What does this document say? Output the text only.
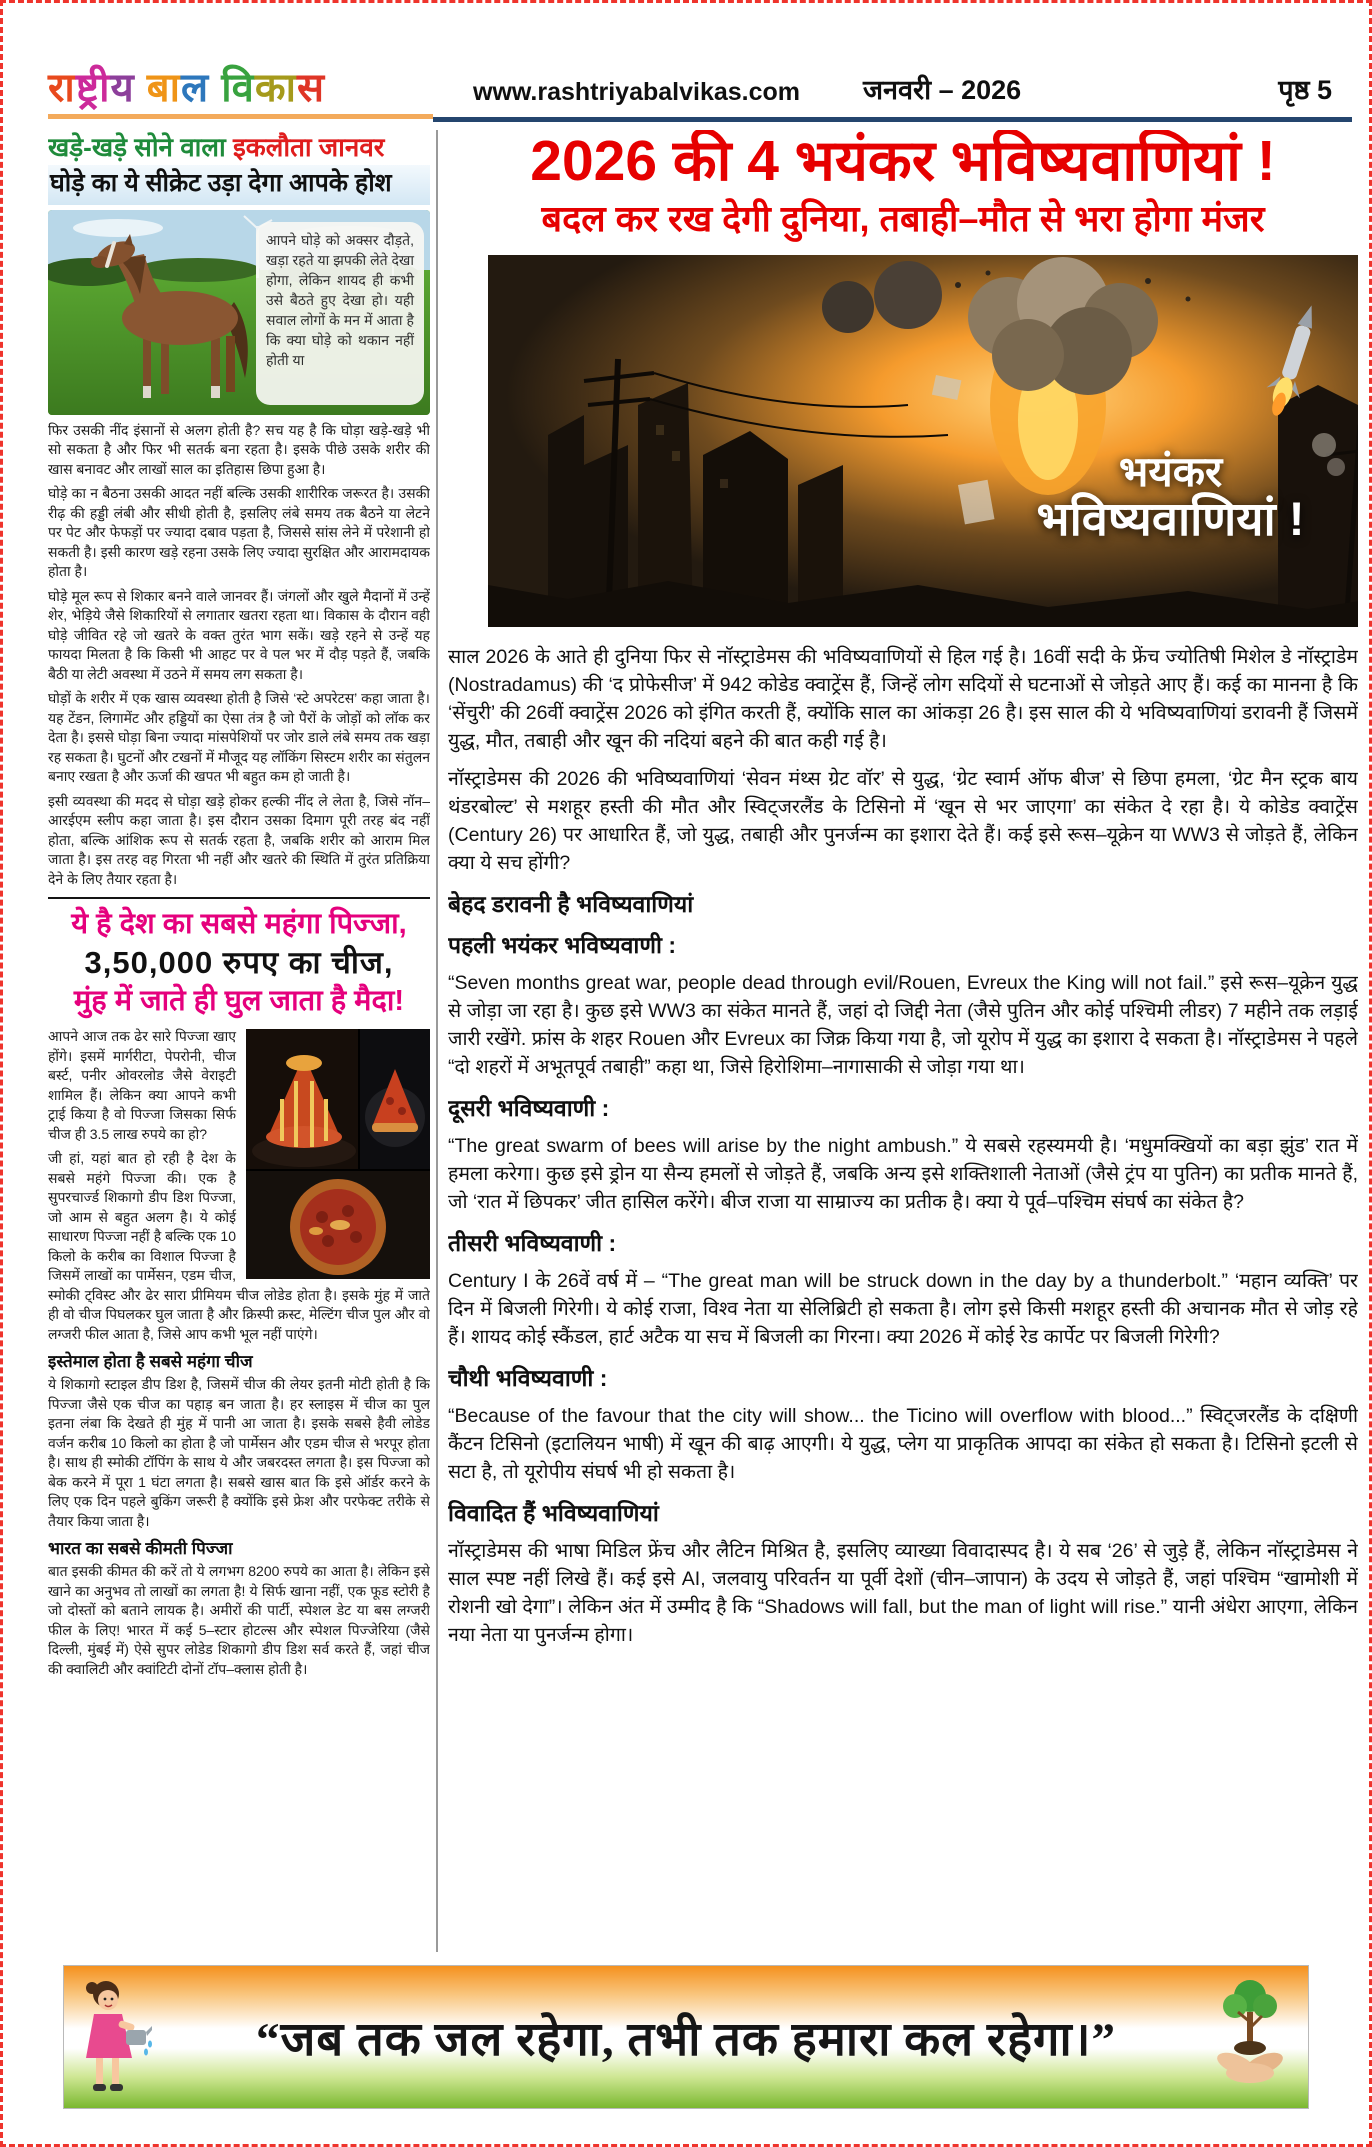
राष्ट्रीय बाल विकास	www.rashtriyabalvikas.com जनवरी – 2026	पृष्ठ 5
खड़े-खड़े सोने वाला इकलौता जानवर
घोड़े का ये सीक्रेट उड़ा देगा आपके होश
आपने घोड़े को अक्सर दौड़ते, खड़ा रहते या झपकी लेते देखा होगा, लेकिन शायद ही कभी उसे बैठते हुए देखा हो। यही सवाल लोगों के मन में आता है कि क्या घोड़े को थकान नहीं होती या

फिर उसकी नींद इंसानों से अलग होती है? सच यह है कि घोड़ा खड़े-खड़े भी सो सकता है और फिर भी सतर्क बना रहता है। इसके पीछे उसके शरीर की खास बनावट और लाखों साल का इतिहास छिपा हुआ है।

घोड़े का न बैठना उसकी आदत नहीं बल्कि उसकी शारीरिक जरूरत है। उसकी रीढ़ की हड्डी लंबी और सीधी होती है, इसलिए लंबे समय तक बैठने या लेटने पर पेट और फेफड़ों पर ज्यादा दबाव पड़ता है, जिससे सांस लेने में परेशानी हो सकती है। इसी कारण खड़े रहना उसके लिए ज्यादा सुरक्षित और आरामदायक होता है।

घोड़े मूल रूप से शिकार बनने वाले जानवर हैं। जंगलों और खुले मैदानों में उन्हें शेर, भेड़िये जैसे शिकारियों से लगातार खतरा रहता था। विकास के दौरान वही घोड़े जीवित रहे जो खतरे के वक्त तुरंत भाग सकें। खड़े रहने से उन्हें यह फायदा मिलता है कि किसी भी आहट पर वे पल भर में दौड़ पड़ते हैं, जबकि बैठी या लेटी अवस्था में उठने में समय लग सकता है।

घोड़ों के शरीर में एक खास व्यवस्था होती है जिसे ‘स्टे अपरेटस’ कहा जाता है। यह टेंडन, लिगामेंट और हड्डियों का ऐसा तंत्र है जो पैरों के जोड़ों को लॉक कर देता है। इससे घोड़ा बिना ज्यादा मांसपेशियों पर जोर डाले लंबे समय तक खड़ा रह सकता है। घुटनों और टखनों में मौजूद यह लॉकिंग सिस्टम शरीर का संतुलन बनाए रखता है और ऊर्जा की खपत भी बहुत कम हो जाती है।

इसी व्यवस्था की मदद से घोड़ा खड़े होकर हल्की नींद ले लेता है, जिसे नॉन–आरईएम स्लीप कहा जाता है। इस दौरान उसका दिमाग पूरी तरह बंद नहीं होता, बल्कि आंशिक रूप से सतर्क रहता है, जबकि शरीर को आराम मिल जाता है। इस तरह वह गिरता भी नहीं और खतरे की स्थिति में तुरंत प्रतिक्रिया देने के लिए तैयार रहता है।

ये है देश का सबसे महंगा पिज्जा,
3,50,000 रुपए का चीज,
मुंह में जाते ही घुल जाता है मैदा!

आपने आज तक ढेर सारे पिज्जा खाए होंगे। इसमें मार्गरीटा, पेपरोनी, चीज बर्स्ट, पनीर ओवरलोड जैसे वेराइटी शामिल हैं। लेकिन क्या आपने कभी ट्राई किया है वो पिज्जा जिसका सिर्फ चीज ही 3.5 लाख रुपये का हो?

जी हां, यहां बात हो रही है देश के सबसे महंगे पिज्जा की। एक है सुपरचार्ज्ड शिकागो डीप डिश पिज्जा, जो आम से बहुत अलग है। ये कोई साधारण पिज्जा नहीं है बल्कि एक 10 किलो के करीब का विशाल पिज्जा है जिसमें लाखों का पार्मेसन, एडम चीज, स्मोकी ट्विस्ट और ढेर सारा प्रीमियम चीज लोडेड होता है। इसके मुंह में जाते ही वो चीज पिघलकर घुल जाता है और क्रिस्पी क्रस्ट, मेल्टिंग चीज पुल और वो लग्जरी फील आता है, जिसे आप कभी भूल नहीं पाएंगे।

इस्तेमाल होता है सबसे महंगा चीज

ये शिकागो स्टाइल डीप डिश है, जिसमें चीज की लेयर इतनी मोटी होती है कि पिज्जा जैसे एक चीज का पहाड़ बन जाता है। हर स्लाइस में चीज का पुल इतना लंबा कि देखते ही मुंह में पानी आ जाता है। इसके सबसे हैवी लोडेड वर्जन करीब 10 किलो का होता है जो पार्मेसन और एडम चीज से भरपूर होता है। साथ ही स्मोकी टॉपिंग के साथ ये और जबरदस्त लगता है। इस पिज्जा को बेक करने में पूरा 1 घंटा लगता है। सबसे खास बात कि इसे ऑर्डर करने के लिए एक दिन पहले बुकिंग जरूरी है क्योंकि इसे फ्रेश और परफेक्ट तरीके से तैयार किया जाता है।

भारत का सबसे कीमती पिज्जा

बात इसकी कीमत की करें तो ये लगभग 8200 रुपये का आता है। लेकिन इसे खाने का अनुभव तो लाखों का लगता है! ये सिर्फ खाना नहीं, एक फूड स्टोरी है जो दोस्तों को बताने लायक है। अमीरों की पार्टी, स्पेशल डेट या बस लग्जरी फील के लिए! भारत में कई 5–स्टार होटल्स और स्पेशल पिज्जेरिया (जैसे दिल्ली, मुंबई में) ऐसे सुपर लोडेड शिकागो डीप डिश सर्व करते हैं, जहां चीज की क्वालिटी और क्वांटिटी दोनों टॉप–क्लास होती है।

2026 की 4 भयंकर भविष्यवाणियां !
बदल कर रख देगी दुनिया, तबाही–मौत से भरा होगा मंजर
भयंकर
भविष्यवाणियां !

साल 2026 के आते ही दुनिया फिर से नॉस्ट्राडेमस की भविष्यवाणियों से हिल गई है। 16वीं सदी के फ्रेंच ज्योतिषी मिशेल डे नॉस्ट्राडेम (Nostradamus) की ‘द प्रोफेसीज’ में 942 कोडेड क्वाट्रेंस हैं, जिन्हें लोग सदियों से घटनाओं से जोड़ते आए हैं। कई का मानना है कि ‘सेंचुरी’ की 26वीं क्वाट्रेंस 2026 को इंगित करती हैं, क्योंकि साल का आंकड़ा 26 है। इस साल की ये भविष्यवाणियां डरावनी हैं जिसमें युद्ध, मौत, तबाही और खून की नदियां बहने की बात कही गई है।

नॉस्ट्राडेमस की 2026 की भविष्यवाणियां ‘सेवन मंथ्स ग्रेट वॉर’ से युद्ध, ‘ग्रेट स्वार्म ऑफ बीज’ से छिपा हमला, ‘ग्रेट मैन स्ट्रक बाय थंडरबोल्ट’ से मशहूर हस्ती की मौत और स्विट्जरलैंड के टिसिनो में ‘खून से भर जाएगा’ का संकेत दे रहा है। ये कोडेड क्वाट्रेंस (Century 26) पर आधारित हैं, जो युद्ध, तबाही और पुनर्जन्म का इशारा देते हैं। कई इसे रूस–यूक्रेन या WW3 से जोड़ते हैं, लेकिन क्या ये सच होंगी?

बेहद डरावनी है भविष्यवाणियां
पहली भयंकर भविष्यवाणी :

“Seven months great war, people dead through evil/Rouen, Evreux the King will not fail.” इसे रूस–यूक्रेन युद्ध से जोड़ा जा रहा है। कुछ इसे WW3 का संकेत मानते हैं, जहां दो जिद्दी नेता (जैसे पुतिन और कोई पश्चिमी लीडर) 7 महीने तक लड़ाई जारी रखेंगे. फ्रांस के शहर Rouen और Evreux का जिक्र किया गया है, जो यूरोप में युद्ध का इशारा दे सकता है। नॉस्ट्राडेमस ने पहले “दो शहरों में अभूतपूर्व तबाही” कहा था, जिसे हिरोशिमा–नागासाकी से जोड़ा गया था।

दूसरी भविष्यवाणी :

“The great swarm of bees will arise by the night ambush.” ये सबसे रहस्यमयी है। ‘मधुमक्खियों का बड़ा झुंड’ रात में हमला करेगा। कुछ इसे ड्रोन या सैन्य हमलों से जोड़ते हैं, जबकि अन्य इसे शक्तिशाली नेताओं (जैसे ट्रंप या पुतिन) का प्रतीक मानते हैं, जो ‘रात में छिपकर’ जीत हासिल करेंगे। बीज राजा या साम्राज्य का प्रतीक है। क्या ये पूर्व–पश्चिम संघर्ष का संकेत है?

तीसरी भविष्यवाणी :

Century I के 26वें वर्ष में – “The great man will be struck down in the day by a thunderbolt.” ‘महान व्यक्ति’ पर दिन में बिजली गिरेगी। ये कोई राजा, विश्व नेता या सेलिब्रिटी हो सकता है। लोग इसे किसी मशहूर हस्ती की अचानक मौत से जोड़ रहे हैं। शायद कोई स्कैंडल, हार्ट अटैक या सच में बिजली का गिरना। क्या 2026 में कोई रेड कार्पेट पर बिजली गिरेगी?

चौथी भविष्यवाणी :

“Because of the favour that the city will show... the Ticino will overflow with blood...” स्विट्जरलैंड के दक्षिणी कैंटन टिसिनो (इटालियन भाषी) में खून की बाढ़ आएगी। ये युद्ध, प्लेग या प्राकृतिक आपदा का संकेत हो सकता है। टिसिनो इटली से सटा है, तो यूरोपीय संघर्ष भी हो सकता है।

विवादित हैं भविष्यवाणियां

नॉस्ट्राडेमस की भाषा मिडिल फ्रेंच और लैटिन मिश्रित है, इसलिए व्याख्या विवादास्पद है। ये सब ‘26’ से जुड़े हैं, लेकिन नॉस्ट्राडेमस ने साल स्पष्ट नहीं लिखे हैं। कई इसे AI, जलवायु परिवर्तन या पूर्वी देशों (चीन–जापान) के उदय से जोड़ते हैं, जहां पश्चिम “खामोशी में रोशनी खो देगा”। लेकिन अंत में उम्मीद है कि “Shadows will fall, but the man of light will rise.” यानी अंधेरा आएगा, लेकिन नया नेता या पुनर्जन्म होगा।

“जब तक जल रहेगा, तभी तक हमारा कल रहेगा।”
